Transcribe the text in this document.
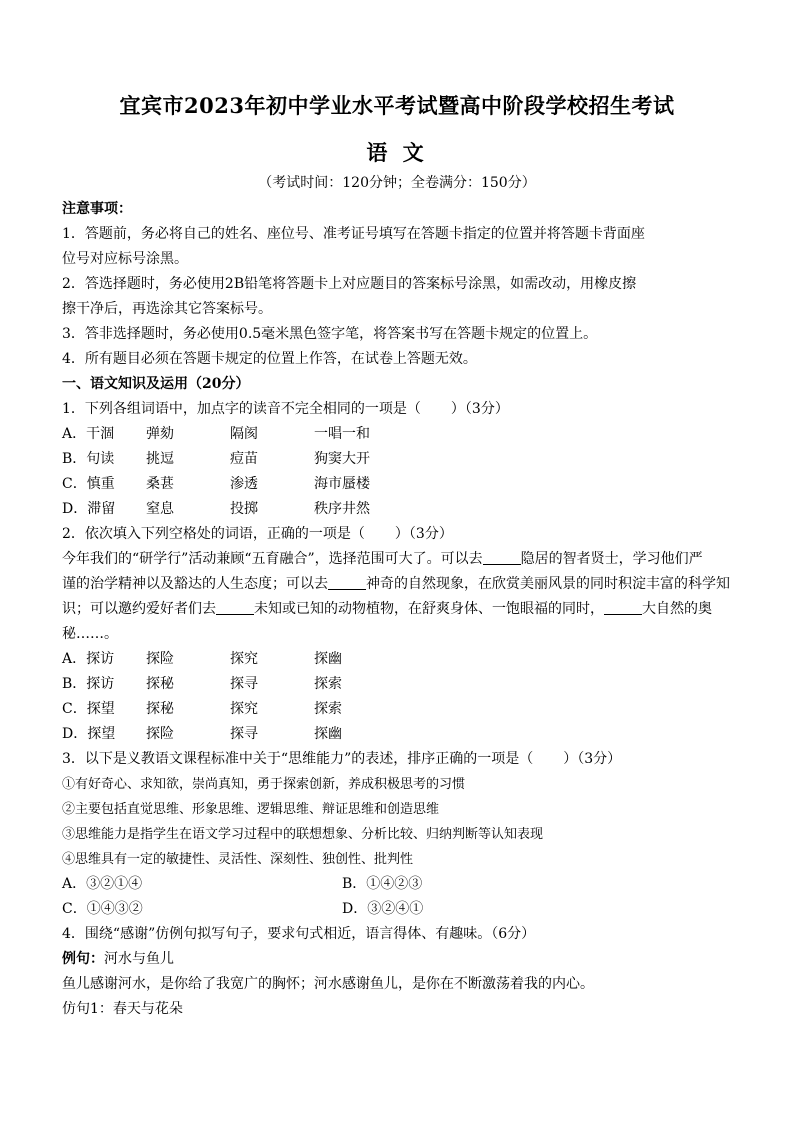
宜宾市2023年初中学业水平考试暨高中阶段学校招生考试
语 文
（考试时间：120分钟；全卷满分：150分）
注意事项：
1．答题前，务必将自己的姓名、座位号、准考证号填写在答题卡指定的位置并将答题卡背面座
位号对应标号涂黑。
2．答选择题时，务必使用2B铅笔将答题卡上对应题目的答案标号涂黑，如需改动，用橡皮擦
擦干净后，再选涂其它答案标号。
3．答非选择题时，务必使用0.5毫米黑色签字笔，将答案书写在答题卡规定的位置上。
4．所有题目必须在答题卡规定的位置上作答，在试卷上答题无效。
一、语文知识及运用（20分）
1．下列各组词语中，加点字的读音不完全相同的一项是（ ）（3分）
A．干涸	弹劾	隔阂	一唱一和
B．句读	挑逗	痘苗	狗窦大开
C．慎重	桑葚	渗透	海市蜃楼
D．滞留	窒息	投掷	秩序井然
2．依次填入下列空格处的词语，正确的一项是（ ）（3分）
今年我们的“研学行”活动兼顾“五育融合”，选择范围可大了。可以去	隐居的智者贤士，学习他们严
谨的治学精神以及豁达的人生态度；可以去	神奇的自然现象，在欣赏美丽风景的同时积淀丰富的科学知
识；可以邀约爱好者们去	未知或已知的动物植物，在舒爽身体、一饱眼福的同时，	大自然的奥
秘……。
A．探访	探险	探究	探幽
B．探访	探秘	探寻	探索
C．探望	探秘	探究	探索
D．探望	探险	探寻	探幽
3．以下是义教语文课程标准中关于“思维能力”的表述，排序正确的一项是（ ）（3分）
①有好奇心、求知欲，崇尚真知，勇于探索创新，养成积极思考的习惯
②主要包括直觉思维、形象思维、逻辑思维、辩证思维和创造思维
③思维能力是指学生在语文学习过程中的联想想象、分析比较、归纳判断等认知表现
④思维具有一定的敏捷性、灵活性、深刻性、独创性、批判性
A．③②①④	B．①④②③
C．①④③②	D．③②④①
4．围绕“感谢”仿例句拟写句子，要求句式相近，语言得体、有趣味。（6分）
例句：河水与鱼儿
鱼儿感谢河水，是你给了我宽广的胸怀；河水感谢鱼儿，是你在不断激荡着我的内心。
仿句1：春天与花朵
